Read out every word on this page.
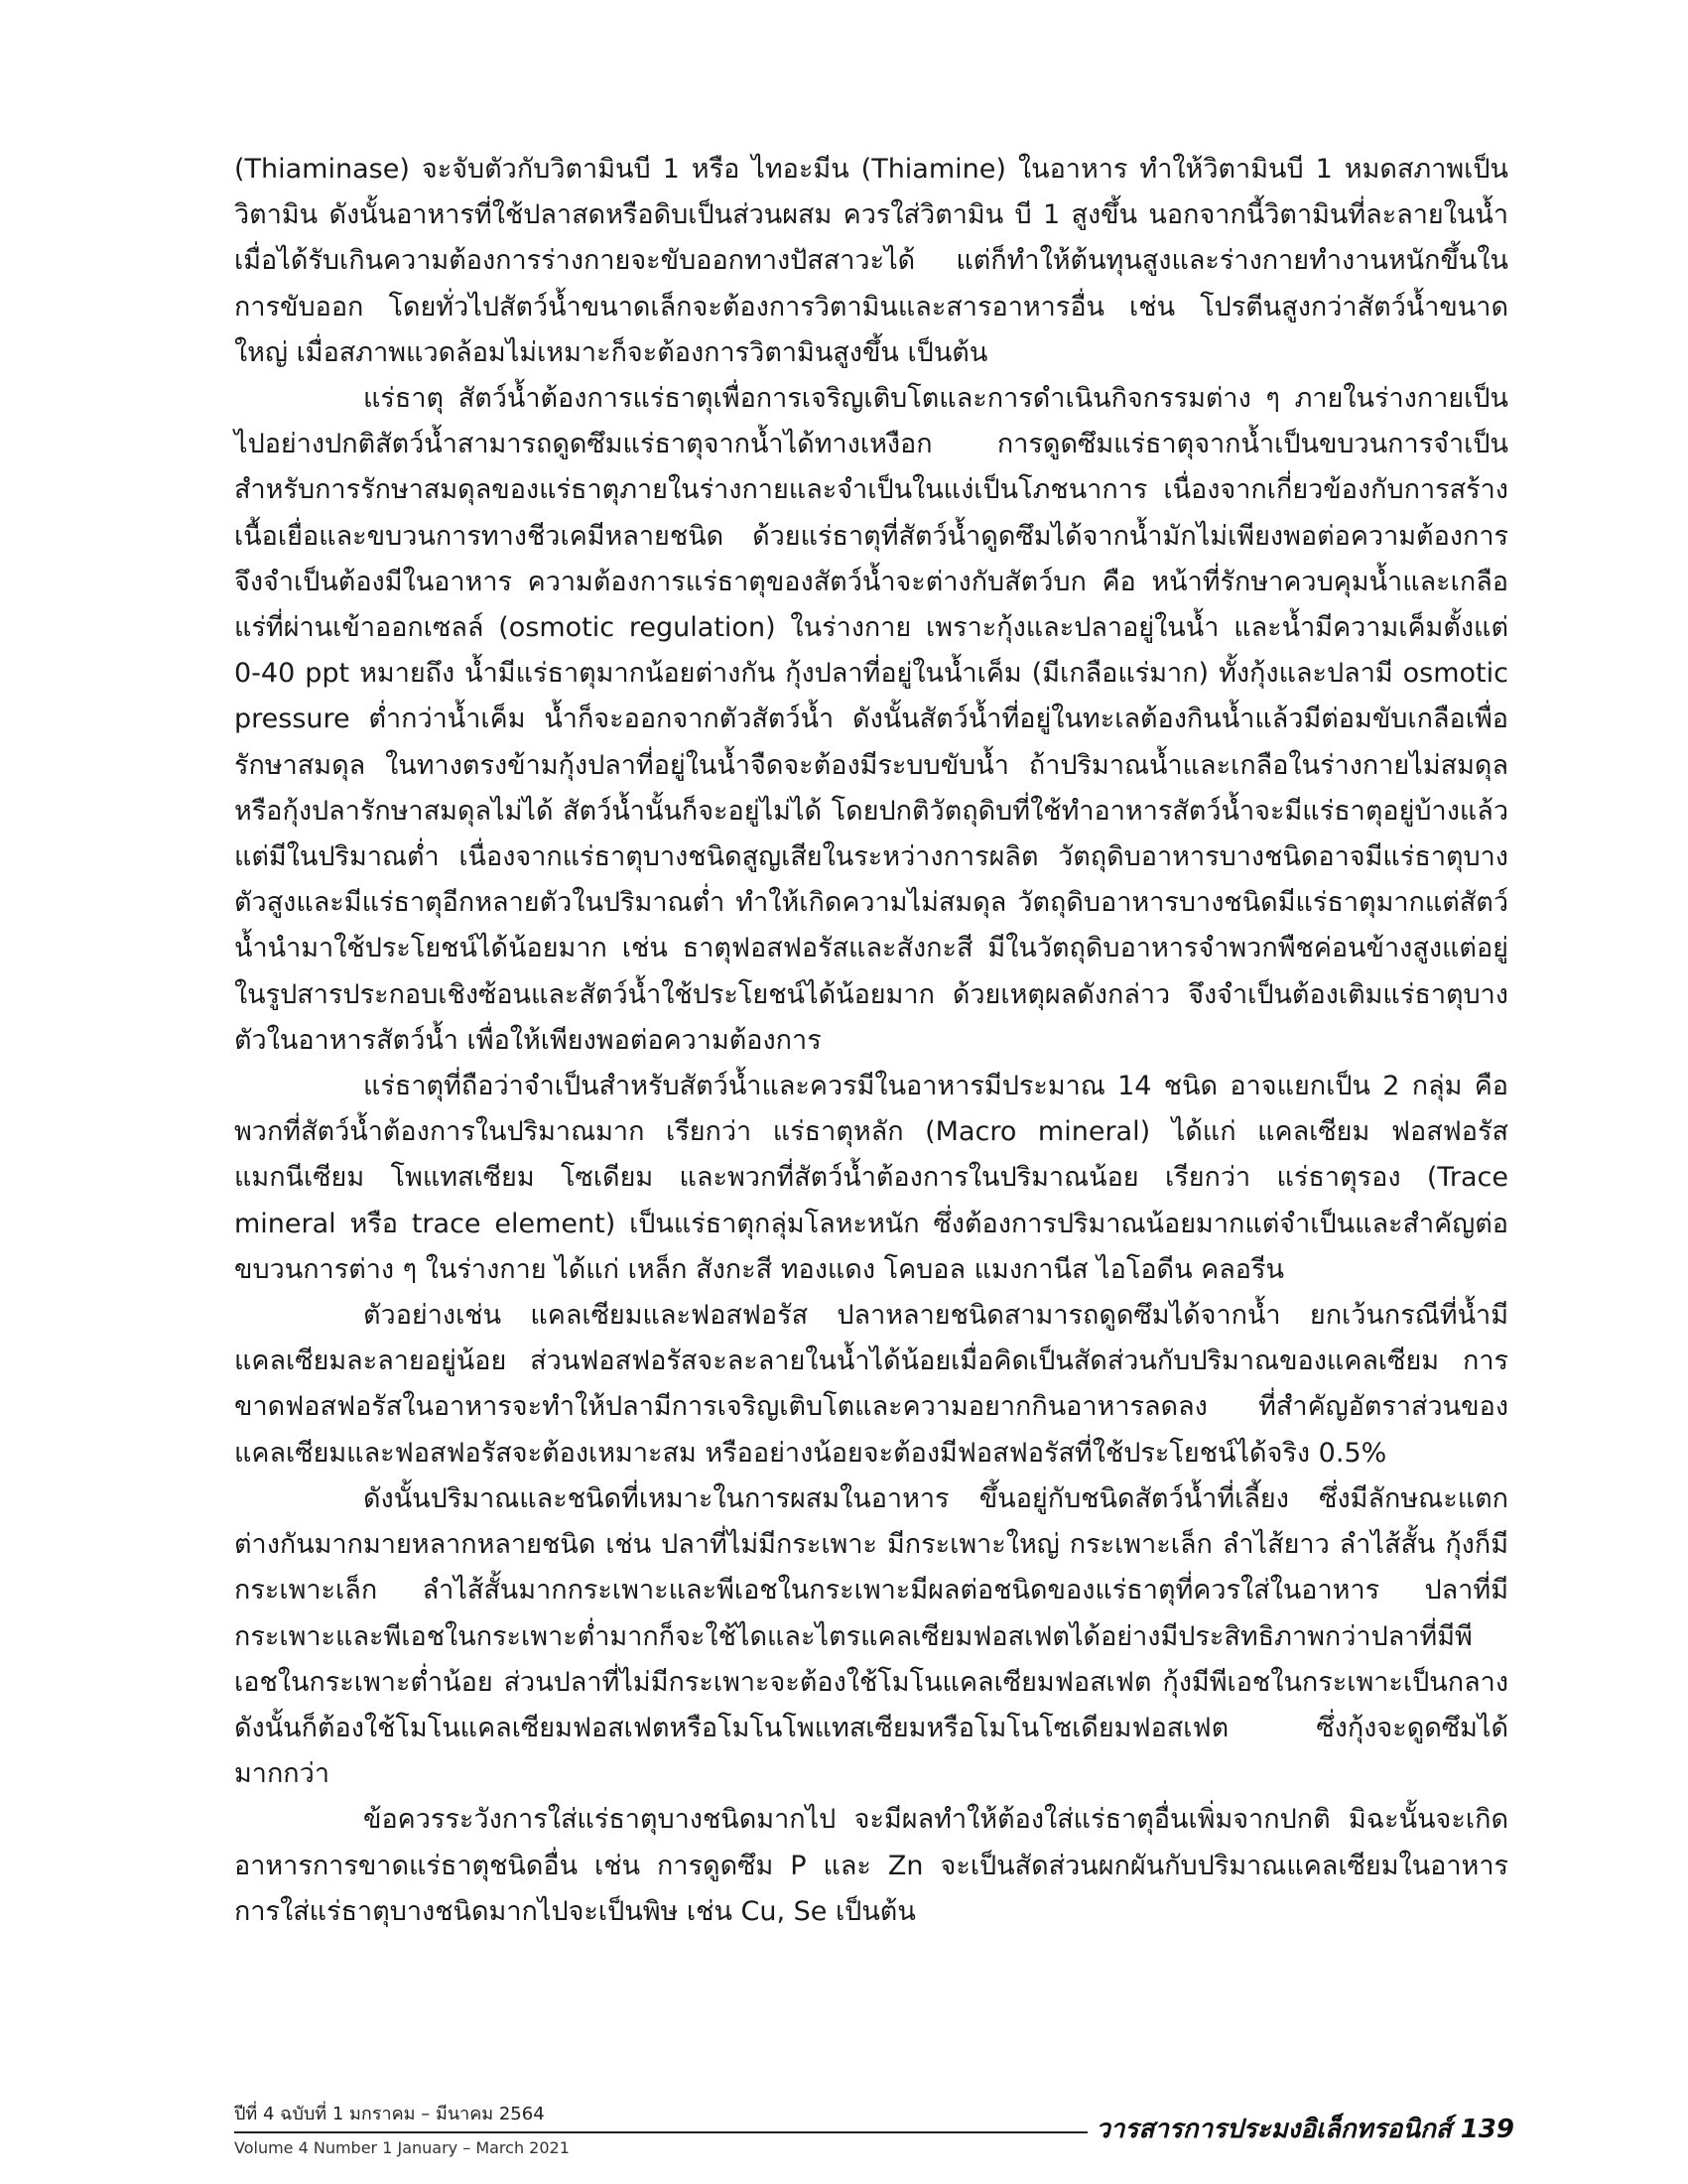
(Thiaminase) จะจับตัวกับวิตามินบี 1 หรือ ไทอะมีน (Thiamine) ในอาหาร ทำให้วิตามินบี 1 หมดสภาพเป็นวิตามิน ดังนั้นอาหารที่ใช้ปลาสดหรือดิบเป็นส่วนผสม ควรใส่วิตามิน บี 1 สูงขึ้น นอกจากนี้วิตามินที่ละลายในน้ำเมื่อได้รับเกินความต้องการร่างกายจะขับออกทางปัสสาวะได้ แต่ก็ทำให้ต้นทุนสูงและร่างกายทำงานหนักขึ้นในการขับออก โดยทั่วไปสัตว์น้ำขนาดเล็กจะต้องการวิตามินและสารอาหารอื่น เช่น โปรตีนสูงกว่าสัตว์น้ำขนาดใหญ่ เมื่อสภาพแวดล้อมไม่เหมาะก็จะต้องการวิตามินสูงขึ้น เป็นต้น

แร่ธาตุ สัตว์น้ำต้องการแร่ธาตุเพื่อการเจริญเติบโตและการดำเนินกิจกรรมต่าง ๆ ภายในร่างกายเป็นไปอย่างปกติสัตว์น้ำสามารถดูดซึมแร่ธาตุจากน้ำได้ทางเหงือก การดูดซึมแร่ธาตุจากน้ำเป็นขบวนการจำเป็นสำหรับการรักษาสมดุลของแร่ธาตุภายในร่างกายและจำเป็นในแง่เป็นโภชนาการ เนื่องจากเกี่ยวข้องกับการสร้างเนื้อเยื่อและขบวนการทางชีวเคมีหลายชนิด ด้วยแร่ธาตุที่สัตว์น้ำดูดซึมได้จากน้ำมักไม่เพียงพอต่อความต้องการ จึงจำเป็นต้องมีในอาหาร ความต้องการแร่ธาตุของสัตว์น้ำจะต่างกับสัตว์บก คือ หน้าที่รักษาควบคุมน้ำและเกลือแร่ที่ผ่านเข้าออกเซลล์ (osmotic regulation) ในร่างกาย เพราะกุ้งและปลาอยู่ในน้ำ และน้ำมีความเค็มตั้งแต่ 0-40 ppt หมายถึง น้ำมีแร่ธาตุมากน้อยต่างกัน กุ้งปลาที่อยู่ในน้ำเค็ม (มีเกลือแร่มาก) ทั้งกุ้งและปลามี osmotic pressure ต่ำกว่าน้ำเค็ม น้ำก็จะออกจากตัวสัตว์น้ำ ดังนั้นสัตว์น้ำที่อยู่ในทะเลต้องกินน้ำแล้วมีต่อมขับเกลือเพื่อรักษาสมดุล ในทางตรงข้ามกุ้งปลาที่อยู่ในน้ำจืดจะต้องมีระบบขับน้ำ ถ้าปริมาณน้ำและเกลือในร่างกายไม่สมดุล หรือกุ้งปลารักษาสมดุลไม่ได้ สัตว์น้ำนั้นก็จะอยู่ไม่ได้ โดยปกติวัตถุดิบที่ใช้ทำอาหารสัตว์น้ำจะมีแร่ธาตุอยู่บ้างแล้วแต่มีในปริมาณต่ำ เนื่องจากแร่ธาตุบางชนิดสูญเสียในระหว่างการผลิต วัตถุดิบอาหารบางชนิดอาจมีแร่ธาตุบางตัวสูงและมีแร่ธาตุอีกหลายตัวในปริมาณต่ำ ทำให้เกิดความไม่สมดุล วัตถุดิบอาหารบางชนิดมีแร่ธาตุมากแต่สัตว์น้ำนำมาใช้ประโยชน์ได้น้อยมาก เช่น ธาตุฟอสฟอรัสและสังกะสี มีในวัตถุดิบอาหารจำพวกพืชค่อนข้างสูงแต่อยู่ในรูปสารประกอบเชิงซ้อนและสัตว์น้ำใช้ประโยชน์ได้น้อยมาก ด้วยเหตุผลดังกล่าว จึงจำเป็นต้องเติมแร่ธาตุบางตัวในอาหารสัตว์น้ำ เพื่อให้เพียงพอต่อความต้องการ

แร่ธาตุที่ถือว่าจำเป็นสำหรับสัตว์น้ำและควรมีในอาหารมีประมาณ 14 ชนิด อาจแยกเป็น 2 กลุ่ม คือ พวกที่สัตว์น้ำต้องการในปริมาณมาก เรียกว่า แร่ธาตุหลัก (Macro mineral) ได้แก่ แคลเซียม ฟอสฟอรัส แมกนีเซียม โพแทสเซียม โซเดียม และพวกที่สัตว์น้ำต้องการในปริมาณน้อย เรียกว่า แร่ธาตุรอง (Trace mineral หรือ trace element) เป็นแร่ธาตุกลุ่มโลหะหนัก ซึ่งต้องการปริมาณน้อยมากแต่จำเป็นและสำคัญต่อขบวนการต่าง ๆ ในร่างกาย ได้แก่ เหล็ก สังกะสี ทองแดง โคบอล แมงกานีส ไอโอดีน คลอรีน

ตัวอย่างเช่น แคลเซียมและฟอสฟอรัส ปลาหลายชนิดสามารถดูดซึมได้จากน้ำ ยกเว้นกรณีที่น้ำมีแคลเซียมละลายอยู่น้อย ส่วนฟอสฟอรัสจะละลายในน้ำได้น้อยเมื่อคิดเป็นสัดส่วนกับปริมาณของแคลเซียม การขาดฟอสฟอรัสในอาหารจะทำให้ปลามีการเจริญเติบโตและความอยากกินอาหารลดลง ที่สำคัญอัตราส่วนของแคลเซียมและฟอสฟอรัสจะต้องเหมาะสม หรืออย่างน้อยจะต้องมีฟอสฟอรัสที่ใช้ประโยชน์ได้จริง 0.5%

ดังนั้นปริมาณและชนิดที่เหมาะในการผสมในอาหาร ขึ้นอยู่กับชนิดสัตว์น้ำที่เลี้ยง ซึ่งมีลักษณะแตกต่างกันมากมายหลากหลายชนิด เช่น ปลาที่ไม่มีกระเพาะ มีกระเพาะใหญ่ กระเพาะเล็ก ลำไส้ยาว ลำไส้สั้น กุ้งก็มีกระเพาะเล็ก ลำไส้สั้นมากกระเพาะและพีเอชในกระเพาะมีผลต่อชนิดของแร่ธาตุที่ควรใส่ในอาหาร ปลาที่มีกระเพาะและพีเอชในกระเพาะต่ำมากก็จะใช้ไดและไตรแคลเซียมฟอสเฟตได้อย่างมีประสิทธิภาพกว่าปลาที่มีพีเอชในกระเพาะต่ำน้อย ส่วนปลาที่ไม่มีกระเพาะจะต้องใช้โมโนแคลเซียมฟอสเฟต กุ้งมีพีเอชในกระเพาะเป็นกลาง ดังนั้นก็ต้องใช้โมโนแคลเซียมฟอสเฟตหรือโมโนโพแทสเซียมหรือโมโนโซเดียมฟอสเฟต ซึ่งกุ้งจะดูดซึมได้มากกว่า

ข้อควรระวังการใส่แร่ธาตุบางชนิดมากไป จะมีผลทำให้ต้องใส่แร่ธาตุอื่นเพิ่มจากปกติ มิฉะนั้นจะเกิดอาหารการขาดแร่ธาตุชนิดอื่น เช่น การดูดซึม P และ Zn จะเป็นสัดส่วนผกผันกับปริมาณแคลเซียมในอาหาร การใส่แร่ธาตุบางชนิดมากไปจะเป็นพิษ เช่น Cu, Se เป็นต้น

ปีที่ 4 ฉบับที่ 1 มกราคม – มีนาคม 2564
Volume 4 Number 1 January – March 2021
วารสารการประมงอิเล็กทรอนิกส์ 139
